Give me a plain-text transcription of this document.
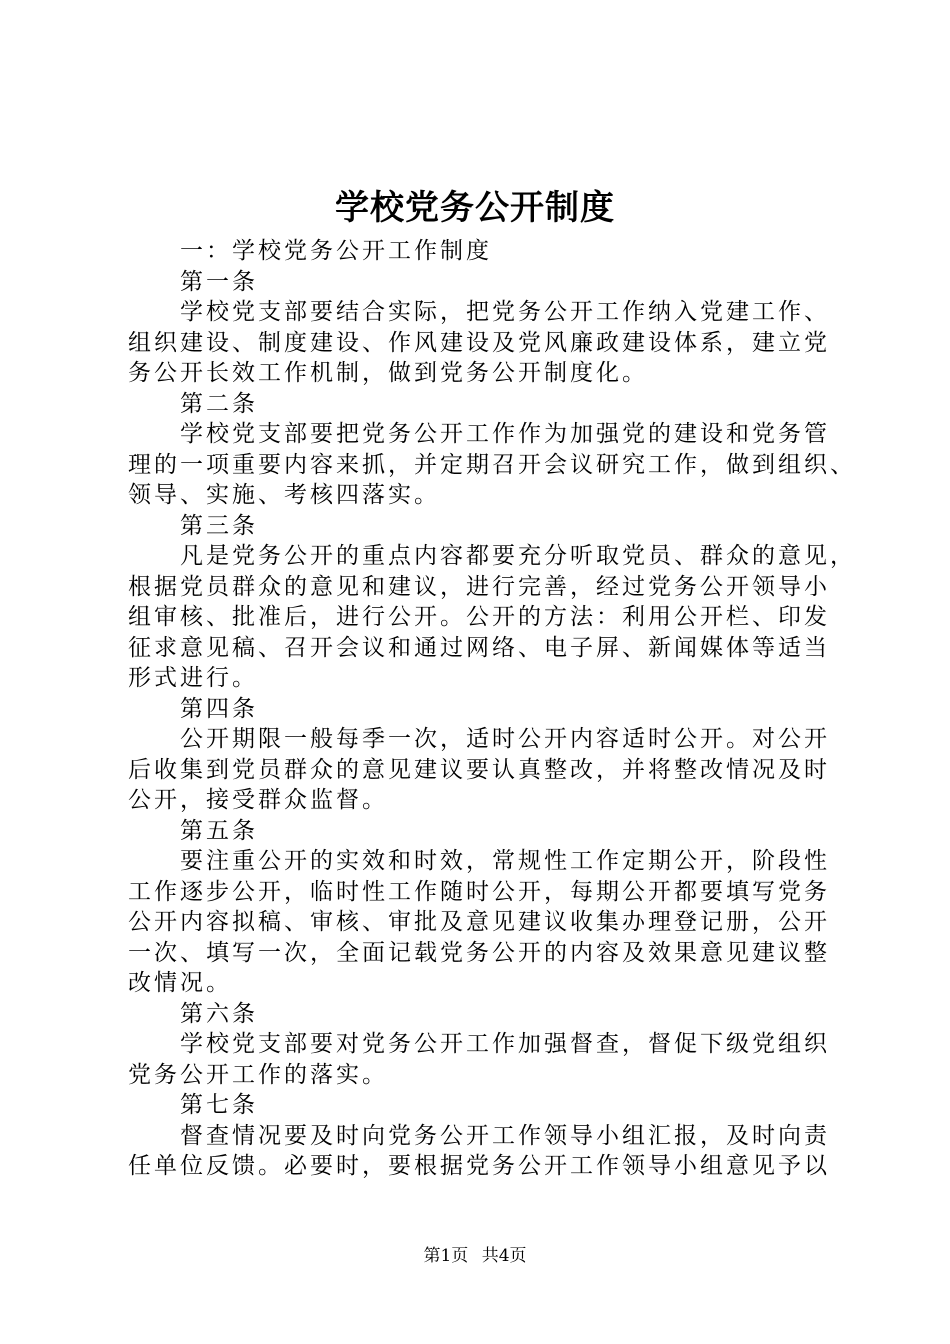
学校党务公开制度

一：学校党务公开工作制度

第一条

学校党支部要结合实际，把党务公开工作纳入党建工作、

组织建设、制度建设、作风建设及党风廉政建设体系，建立党

务公开长效工作机制，做到党务公开制度化。

第二条

学校党支部要把党务公开工作作为加强党的建设和党务管

理的一项重要内容来抓，并定期召开会议研究工作，做到组织、

领导、实施、考核四落实。

第三条

凡是党务公开的重点内容都要充分听取党员、群众的意见，

根据党员群众的意见和建议，进行完善，经过党务公开领导小

组审核、批准后，进行公开。公开的方法：利用公开栏、印发

征求意见稿、召开会议和通过网络、电子屏、新闻媒体等适当

形式进行。

第四条

公开期限一般每季一次，适时公开内容适时公开。对公开

后收集到党员群众的意见建议要认真整改，并将整改情况及时

公开，接受群众监督。

第五条

要注重公开的实效和时效，常规性工作定期公开，阶段性

工作逐步公开，临时性工作随时公开，每期公开都要填写党务

公开内容拟稿、审核、审批及意见建议收集办理登记册，公开

一次、填写一次，全面记载党务公开的内容及效果意见建议整

改情况。

第六条

学校党支部要对党务公开工作加强督查，督促下级党组织

党务公开工作的落实。

第七条

督查情况要及时向党务公开工作领导小组汇报，及时向责

任单位反馈。必要时，要根据党务公开工作领导小组意见予以

第1页 共4页
